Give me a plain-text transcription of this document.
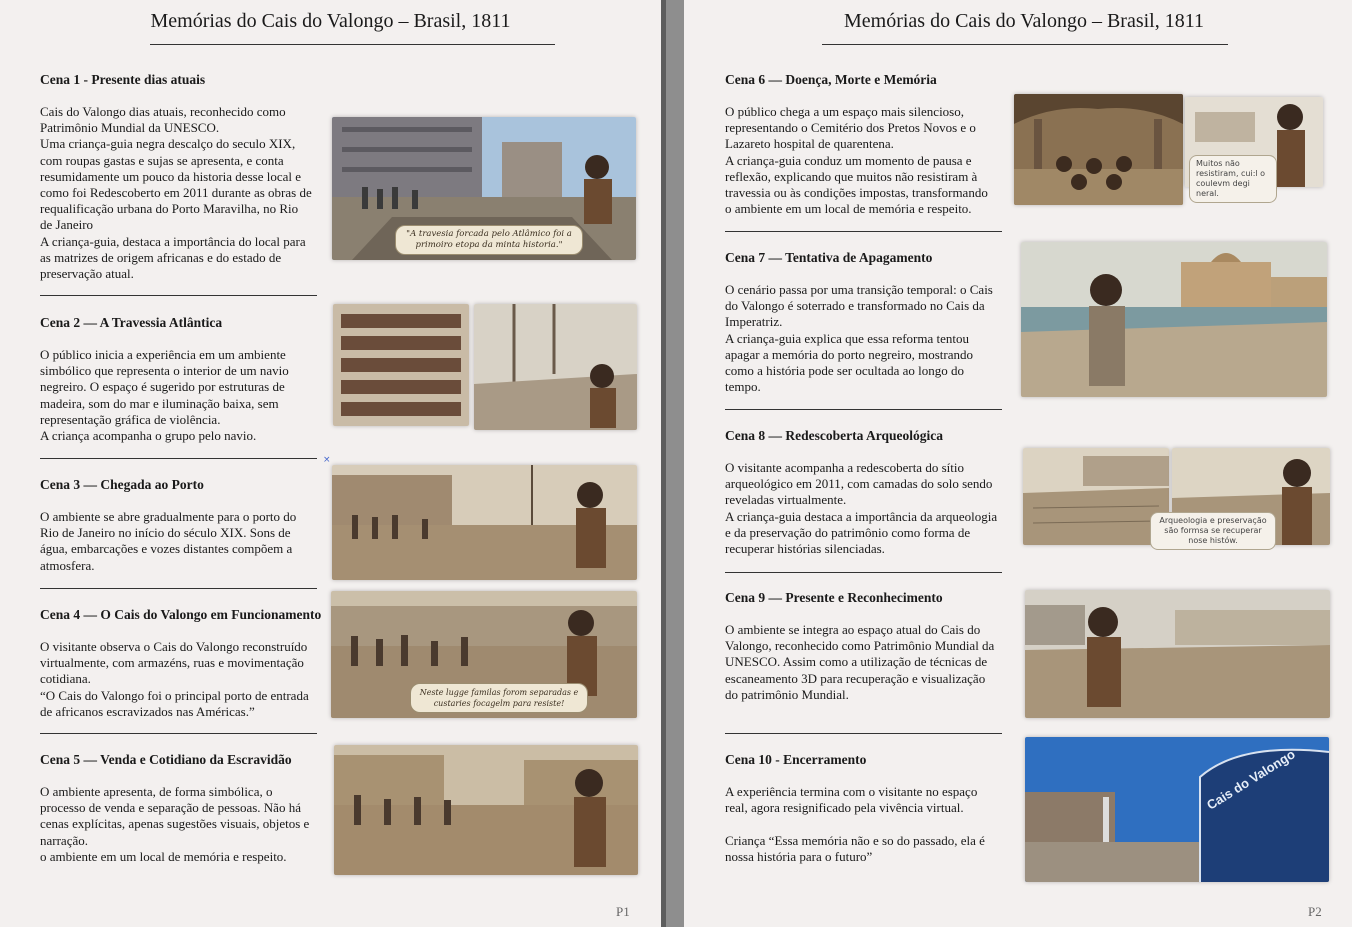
Memórias do Cais do Valongo – Brasil, 1811
Cena 1 - Presente dias atuais

Cais do Valongo dias atuais, reconhecido como
Patrimônio Mundial da UNESCO.
Uma criança-guia negra descalço do seculo XIX,
com roupas gastas e sujas se apresenta, e conta
resumidamente um pouco da historia desse local e
como foi Redescoberto em 2011 durante as obras de
requalificação urbana do Porto Maravilha, no Rio
de Janeiro
A criança-guia, destaca a importância do local para
as matrizes de origem africanas e do estado de
preservação atual.

"A travesia forcada pelo Atlâmico foi a primoiro etopa da minta historia."
Cena 2 — A Travessia Atlântica

O público inicia a experiência em um ambiente
simbólico que representa o interior de um navio
negreiro. O espaço é sugerido por estruturas de
madeira, som do mar e iluminação baixa, sem
representação gráfica de violência.
A criança acompanha o grupo pelo navio.

×
Cena 3 — Chegada ao Porto

O ambiente se abre gradualmente para o porto do
Rio de Janeiro no início do século XIX. Sons de
água, embarcações e vozes distantes compõem a
atmosfera.

Cena 4 — O Cais do Valongo em Funcionamento

O visitante observa o Cais do Valongo reconstruído
virtualmente, com armazéns, ruas e movimentação
cotidiana.
“O Cais do Valongo foi o principal porto de entrada
de africanos escravizados nas Américas.”

Neste lugge familas forom separadas e custaries focagelm para resiste!
Cena 5 — Venda e Cotidiano da Escravidão

O ambiente apresenta, de forma simbólica, o
processo de venda e separação de pessoas. Não há
cenas explícitas, apenas sugestões visuais, objetos e
narração.
o ambiente em um local de memória e respeito.

P1
Memórias do Cais do Valongo – Brasil, 1811
Cena 6 — Doença, Morte e Memória

O público chega a um espaço mais silencioso,
representando o Cemitério dos Pretos Novos e o
Lazareto hospital de quarentena.
A criança-guia conduz um momento de pausa e
reflexão, explicando que muitos não resistiram à
travessia ou às condições impostas, transformando
o ambiente em um local de memória e respeito.

Muitos não resistiram, cui:l o coulevm degi neral.
Cena 7 — Tentativa de Apagamento

O cenário passa por uma transição temporal: o Cais
do Valongo é soterrado e transformado no Cais da
Imperatriz.
A criança-guia explica que essa reforma tentou
apagar a memória do porto negreiro, mostrando
como a história pode ser ocultada ao longo do
tempo.

Cena 8 — Redescoberta Arqueológica

O visitante acompanha a redescoberta do sítio
arqueológico em 2011, com camadas do solo sendo
reveladas virtualmente.
A criança-guia destaca a importância da arqueologia
e da preservação do patrimônio como forma de
recuperar histórias silenciadas.

Arqueologia e preservação são formsa se recuperar nose histów.
Cena 9 — Presente e Reconhecimento

O ambiente se integra ao espaço atual do Cais do
Valongo, reconhecido como Patrimônio Mundial da
UNESCO. Assim como a utilização de técnicas de
escaneamento 3D para recuperação e visualização
do patrimônio Mundial.

Cena 10 - Encerramento

A experiência termina com o visitante no espaço
real, agora resignificado pela vivência virtual.

Criança “Essa memória não e so do passado, ela é
nossa história para o futuro”

Cais do Valongo
P2
